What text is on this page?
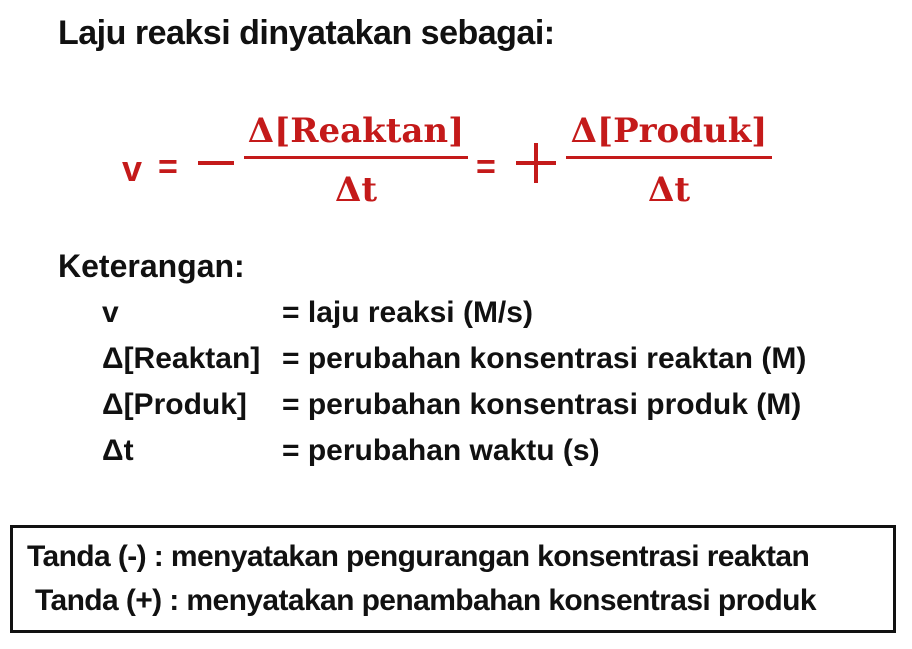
Laju reaksi dinyatakan sebagai:
v =
Δ[Reaktan]
Δt
=
Δ[Produk]
Δt
Keterangan:
v	= laju reaksi (M/s)
Δ[Reaktan] = perubahan konsentrasi reaktan (M)
Δ[Produk] = perubahan konsentrasi produk (M)
Δt	= perubahan waktu (s)
Tanda (-) : menyatakan pengurangan konsentrasi reaktan
Tanda (+) : menyatakan penambahan konsentrasi produk
